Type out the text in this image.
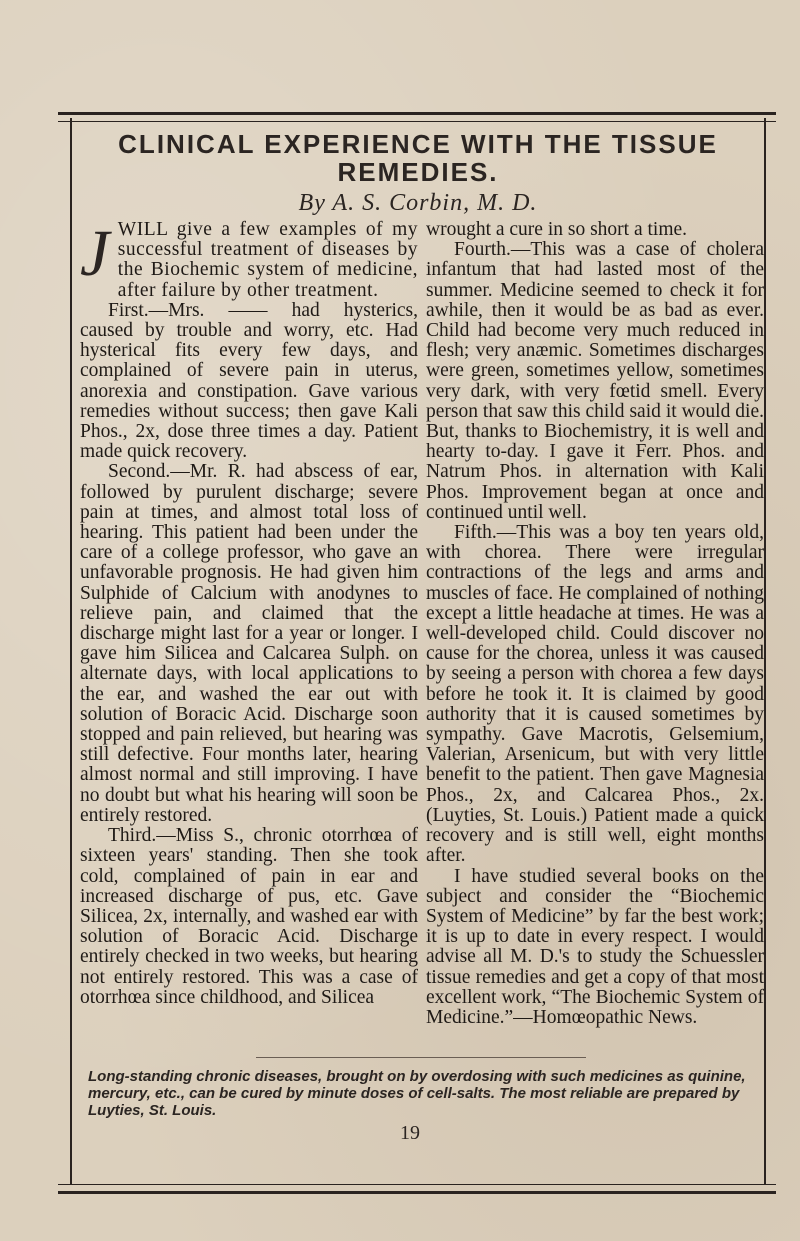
CLINICAL EXPERIENCE WITH THE TISSUE REMEDIES.
By A. S. Corbin, M. D.

JWILL give a few examples of my successful treatment of diseases by the Biochemic system of medicine, after failure by other treatment.

First.—Mrs. —— had hysterics, caused by trouble and worry, etc. Had hysterical fits every few days, and complained of severe pain in uterus, anorexia and constipation. Gave various remedies without success; then gave Kali Phos., 2x, dose three times a day. Patient made quick recovery.

Second.—Mr. R. had abscess of ear, followed by purulent discharge; severe pain at times, and almost total loss of hearing. This patient had been under the care of a college professor, who gave an unfavorable prognosis. He had given him Sulphide of Calcium with anodynes to relieve pain, and claimed that the discharge might last for a year or longer. I gave him Silicea and Calcarea Sulph. on alternate days, with local applications to the ear, and washed the ear out with solution of Boracic Acid. Discharge soon stopped and pain relieved, but hearing was still defective. Four months later, hearing almost normal and still improving. I have no doubt but what his hearing will soon be entirely restored.

Third.—Miss S., chronic otorrhœa of sixteen years' standing. Then she took cold, complained of pain in ear and increased discharge of pus, etc. Gave Silicea, 2x, internally, and washed ear with solution of Boracic Acid. Discharge entirely checked in two weeks, but hearing not entirely restored. This was a case of otorrhœa since childhood, and Silicea

wrought a cure in so short a time.

Fourth.—This was a case of cholera infantum that had lasted most of the summer. Medicine seemed to check it for awhile, then it would be as bad as ever. Child had become very much reduced in flesh; very anæmic. Sometimes discharges were green, sometimes yellow, sometimes very dark, with very fœtid smell. Every person that saw this child said it would die. But, thanks to Biochemistry, it is well and hearty to-day. I gave it Ferr. Phos. and Natrum Phos. in alternation with Kali Phos. Improvement began at once and continued until well.

Fifth.—This was a boy ten years old, with chorea. There were irregular contractions of the legs and arms and muscles of face. He complained of nothing except a little headache at times. He was a well-developed child. Could discover no cause for the chorea, unless it was caused by seeing a person with chorea a few days before he took it. It is claimed by good authority that it is caused sometimes by sympathy. Gave Macrotis, Gelsemium, Valerian, Arsenicum, but with very little benefit to the patient. Then gave Magnesia Phos., 2x, and Calcarea Phos., 2x. (Luyties, St. Louis.) Patient made a quick recovery and is still well, eight months after.

I have studied several books on the subject and consider the “Biochemic System of Medicine” by far the best work; it is up to date in every respect. I would advise all M. D.'s to study the Schuessler tissue remedies and get a copy of that most excellent work, “The Biochemic System of Medicine.”—Homœopathic News.

Long-standing chronic diseases, brought on by overdosing with such medicines as quinine, mercury, etc., can be cured by minute doses of cell-salts. The most reliable are prepared by Luyties, St. Louis.
19
